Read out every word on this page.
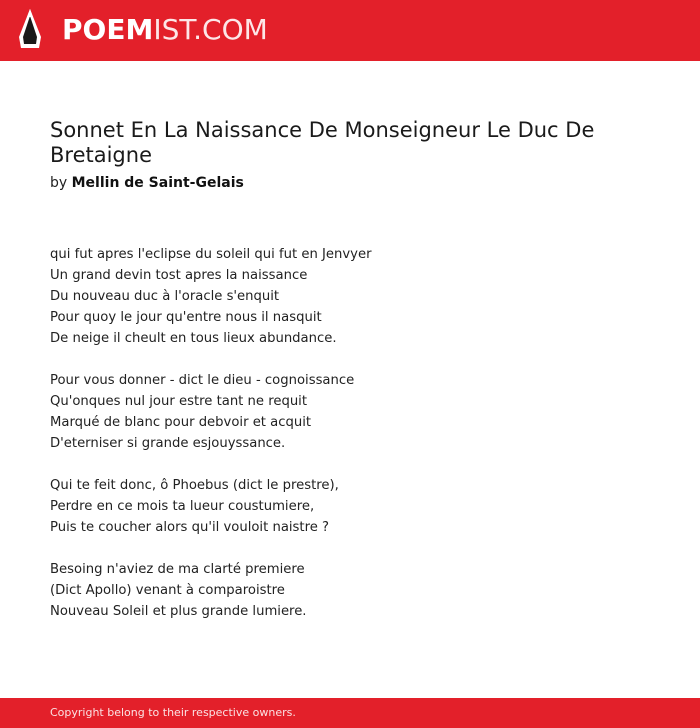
POEMIST.COM
Sonnet En La Naissance De Monseigneur Le Duc De Bretaigne
by Mellin de Saint-Gelais
qui fut apres l'eclipse du soleil qui fut en Jenvyer
Un grand devin tost apres la naissance
Du nouveau duc à l'oracle s'enquit
Pour quoy le jour qu'entre nous il nasquit
De neige il cheult en tous lieux abundance.
Pour vous donner - dict le dieu - cognoissance
Qu'onques nul jour estre tant ne requit
Marqué de blanc pour debvoir et acquit
D'eterniser si grande esjouyssance.
Qui te feit donc, ô Phoebus (dict le prestre),
Perdre en ce mois ta lueur coustumiere,
Puis te coucher alors qu'il vouloit naistre ?
Besoing n'aviez de ma clarté premiere
(Dict Apollo) venant à comparoistre
Nouveau Soleil et plus grande lumiere.
Copyright belong to their respective owners.
